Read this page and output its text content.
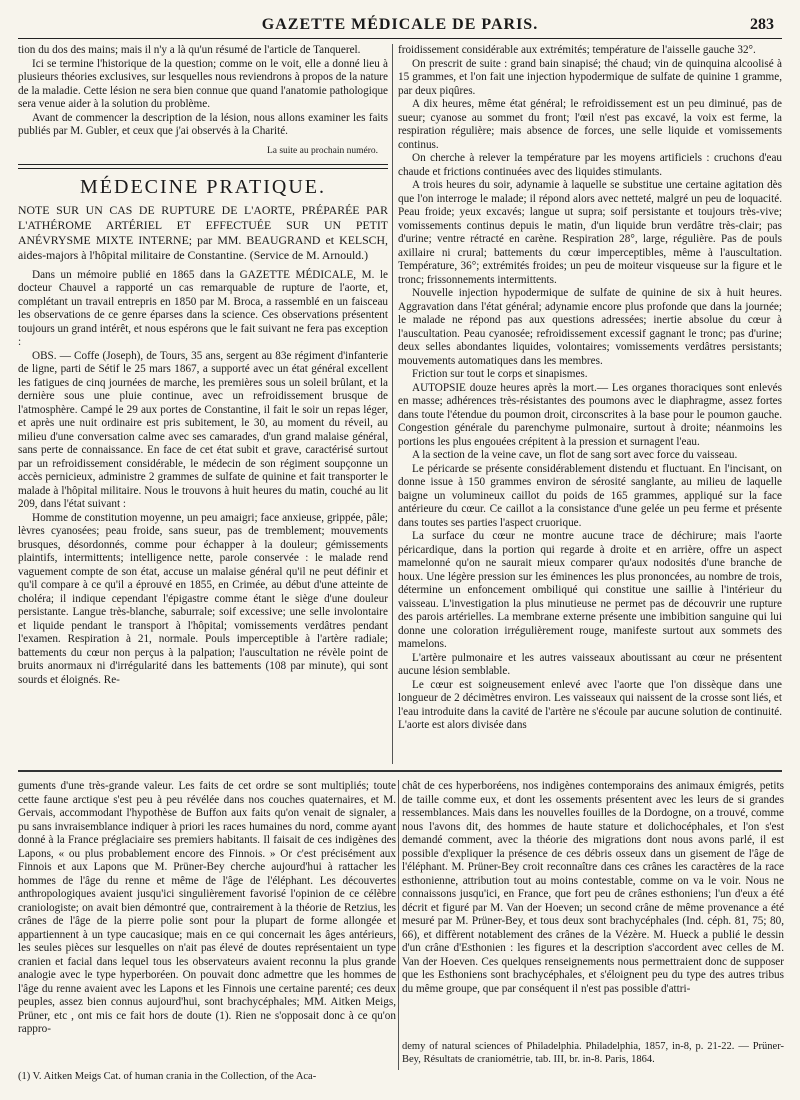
GAZETTE MÉDICALE DE PARIS.	283

tion du dos des mains; mais il n'y a là qu'un résumé de l'article de Tanquerel.

Ici se termine l'historique de la question; comme on le voit, elle a donné lieu à plusieurs théories exclusives, sur lesquelles nous reviendrons à propos de la nature de la maladie. Cette lésion ne sera bien connue que quand l'anatomie pathologique sera venue aider à la solution du problème.

Avant de commencer la description de la lésion, nous allons examiner les faits publiés par M. Gubler, et ceux que j'ai observés à la Charité.

La suite au prochain numéro.
MÉDECINE PRATIQUE.
NOTE SUR UN CAS DE RUPTURE DE L'AORTE, PRÉPARÉE PAR L'ATHÉROME ARTÉRIEL ET EFFECTUÉE SUR UN PETIT ANÉVRYSME MIXTE INTERNE; par MM. BEAUGRAND et KELSCH, aides-majors à l'hôpital militaire de Constantine. (Service de M. Arnould.)

Dans un mémoire publié en 1865 dans la GAZETTE MÉDICALE, M. le docteur Chauvel a rapporté un cas remarquable de rupture de l'aorte, et, complétant un travail entrepris en 1850 par M. Broca, a rassemblé en un faisceau les observations de ce genre éparses dans la science. Ces observations présentent toujours un grand intérêt, et nous espérons que le fait suivant ne fera pas exception :

OBS. — Coffe (Joseph), de Tours, 35 ans, sergent au 83e régiment d'infanterie de ligne, parti de Sétif le 25 mars 1867, a supporté avec un état général excellent les fatigues de cinq journées de marche, les premières sous un soleil brûlant, et la dernière sous une pluie continue, avec un refroidissement brusque de l'atmosphère. Campé le 29 aux portes de Constantine, il fait le soir un repas léger, et après une nuit ordinaire est pris subitement, le 30, au moment du réveil, au milieu d'une conversation calme avec ses camarades, d'un grand malaise général, sans perte de connaissance. En face de cet état subit et grave, caractérisé surtout par un refroidissement considérable, le médecin de son régiment soupçonne un accès pernicieux, administre 2 grammes de sulfate de quinine et fait transporter le malade à l'hôpital militaire. Nous le trouvons à huit heures du matin, couché au lit 209, dans l'état suivant :

Homme de constitution moyenne, un peu amaigri; face anxieuse, grippée, pâle; lèvres cyanosées; peau froide, sans sueur, pas de tremblement; mouvements brusques, désordonnés, comme pour échapper à la douleur; gémissements plaintifs, intermittents; intelligence nette, parole conservée : le malade rend vaguement compte de son état, accuse un malaise général qu'il ne peut définir et qu'il compare à ce qu'il a éprouvé en 1855, en Crimée, au début d'une atteinte de choléra; il indique cependant l'épigastre comme étant le siège d'une douleur persistante. Langue très-blanche, saburrale; soif excessive; une selle involontaire et liquide pendant le transport à l'hôpital; vomissements verdâtres pendant l'examen. Respiration à 21, normale. Pouls imperceptible à l'artère radiale; battements du cœur non perçus à la palpation; l'auscultation ne révèle point de bruits anormaux ni d'irrégularité dans les battements (108 par minute), qui sont sourds et éloignés. Re-

froidissement considérable aux extrémités; température de l'aisselle gauche 32°.

On prescrit de suite : grand bain sinapisé; thé chaud; vin de quinquina alcoolisé à 15 grammes, et l'on fait une injection hypodermique de sulfate de quinine 1 gramme, par deux piqûres.

A dix heures, même état général; le refroidissement est un peu diminué, pas de sueur; cyanose au sommet du front; l'œil n'est pas excavé, la voix est ferme, la respiration régulière; mais absence de forces, une selle liquide et vomissements continus.

On cherche à relever la température par les moyens artificiels : cruchons d'eau chaude et frictions continuées avec des liquides stimulants.

A trois heures du soir, adynamie à laquelle se substitue une certaine agitation dès que l'on interroge le malade; il répond alors avec netteté, malgré un peu de loquacité. Peau froide; yeux excavés; langue ut supra; soif persistante et toujours très-vive; vomissements continus depuis le matin, d'un liquide brun verdâtre très-clair; pas d'urine; ventre rétracté en carène. Respiration 28°, large, régulière. Pas de pouls axillaire ni crural; battements du cœur imperceptibles, même à l'auscultation. Température, 36°; extrémités froides; un peu de moiteur visqueuse sur la figure et le tronc; frissonnements intermittents.

Nouvelle injection hypodermique de sulfate de quinine de six à huit heures. Aggravation dans l'état général; adynamie encore plus profonde que dans la journée; le malade ne répond pas aux questions adressées; inertie absolue du cœur à l'auscultation. Peau cyanosée; refroidissement excessif gagnant le tronc; pas d'urine; deux selles abondantes liquides, volontaires; vomissements verdâtres persistants; mouvements automatiques dans les membres.

Friction sur tout le corps et sinapismes.

AUTOPSIE douze heures après la mort.— Les organes thoraciques sont enlevés en masse; adhérences très-résistantes des poumons avec le diaphragme, assez fortes dans toute l'étendue du poumon droit, circonscrites à la base pour le poumon gauche. Congestion générale du parenchyme pulmonaire, surtout à droite; néanmoins les portions les plus engouées crépitent à la pression et surnagent l'eau.

A la section de la veine cave, un flot de sang sort avec force du vaisseau.

Le péricarde se présente considérablement distendu et fluctuant. En l'incisant, on donne issue à 150 grammes environ de sérosité sanglante, au milieu de laquelle baigne un volumineux caillot du poids de 165 grammes, appliqué sur la face antérieure du cœur. Ce caillot a la consistance d'une gelée un peu ferme et présente dans toutes ses parties l'aspect cruorique.

La surface du cœur ne montre aucune trace de déchirure; mais l'aorte péricardique, dans la portion qui regarde à droite et en arrière, offre un aspect mamelonné qu'on ne saurait mieux comparer qu'aux nodosités d'une branche de houx. Une légère pression sur les éminences les plus prononcées, au nombre de trois, détermine un enfoncement ombiliqué qui constitue une saillie à l'intérieur du vaisseau. L'investigation la plus minutieuse ne permet pas de découvrir une rupture des parois artérielles. La membrane externe présente une imbibition sanguine qui lui donne une coloration irrégulièrement rouge, manifeste surtout aux sommets des mamelons.

L'artère pulmonaire et les autres vaisseaux aboutissant au cœur ne présentent aucune lésion semblable.

Le cœur est soigneusement enlevé avec l'aorte que l'on dissèque dans une longueur de 2 décimètres environ. Les vaisseaux qui naissent de la crosse sont liés, et l'eau introduite dans la cavité de l'artère ne s'écoule par aucune solution de continuité. L'aorte est alors divisée dans

guments d'une très-grande valeur. Les faits de cet ordre se sont multipliés; toute cette faune arctique s'est peu à peu révélée dans nos couches quaternaires, et M. Gervais, accommodant l'hypothèse de Buffon aux faits qu'on venait de signaler, a pu sans invraisemblance indiquer à priori les races humaines du nord, comme ayant donné à la France préglaciaire ses premiers habitants. Il faisait de ces indigènes des Lapons, « ou plus probablement encore des Finnois. » Or c'est précisément aux Finnois et aux Lapons que M. Prüner-Bey cherche aujourd'hui à rattacher les hommes de l'âge du renne et même de l'âge de l'éléphant. Les découvertes anthropologiques avaient jusqu'ici singulièrement favorisé l'opinion de ce célèbre craniologiste; on avait bien démontré que, contrairement à la théorie de Retzius, les crânes de l'âge de la pierre polie sont pour la plupart de forme allongée et appartiennent à un type caucasique; mais en ce qui concernait les âges antérieurs, les seules pièces sur lesquelles on n'ait pas élevé de doutes représentaient un type cranien et facial dans lequel tous les observateurs avaient reconnu la plus grande analogie avec le type hyperboréen. On pouvait donc admettre que les hommes de l'âge du renne avaient avec les Lapons et les Finnois une certaine parenté; ces deux peuples, assez bien connus aujourd'hui, sont brachycéphales; MM. Aitken Meigs, Prüner, etc , ont mis ce fait hors de doute (1). Rien ne s'opposait donc à ce qu'on rappro-

chât de ces hyperboréens, nos indigènes contemporains des animaux émigrés, petits de taille comme eux, et dont les ossements présentent avec les leurs de si grandes ressemblances. Mais dans les nouvelles fouilles de la Dordogne, on a trouvé, comme nous l'avons dit, des hommes de haute stature et dolichocéphales, et l'on s'est demandé comment, avec la théorie des migrations dont nous avons parlé, il est possible d'expliquer la présence de ces débris osseux dans un gisement de l'âge de l'éléphant. M. Prüner-Bey croit reconnaître dans ces crânes les caractères de la race esthonienne, attribution tout au moins contestable, comme on va le voir. Nous ne connaissons jusqu'ici, en France, que fort peu de crânes esthoniens; l'un d'eux a été décrit et figuré par M. Van der Hoeven; un second crâne de même provenance a été mesuré par M. Prüner-Bey, et tous deux sont brachycéphales (Ind. céph. 81, 75; 80, 66), et diffèrent notablement des crânes de la Vézère. M. Hueck a publié le dessin d'un crâne d'Esthonien : les figures et la description s'accordent avec celles de M. Van der Hoeven. Ces quelques renseignements nous permettraient donc de supposer que les Esthoniens sont brachycéphales, et s'éloignent peu du type des autres tribus du même groupe, que par conséquent il n'est pas possible d'attri-

(1) V. Aitken Meigs Cat. of human crania in the Collection, of the Aca-
demy of natural sciences of Philadelphia. Philadelphia, 1857, in-8, p. 21-22. — Prüner-Bey, Résultats de craniométrie, tab. III, br. in-8. Paris, 1864.
